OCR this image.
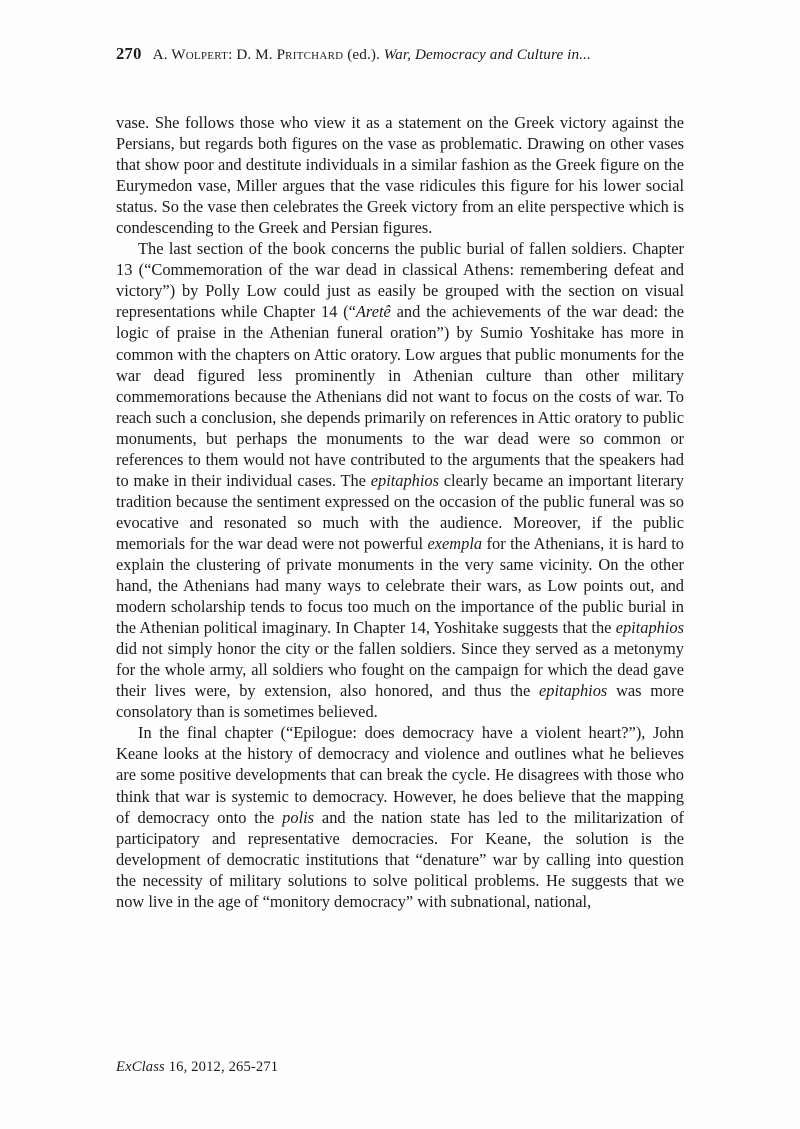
270 A. Wolpert: D. M. Pritchard (ed.). War, Democracy and Culture in...

vase. She follows those who view it as a statement on the Greek victory against the Persians, but regards both figures on the vase as problematic. Drawing on other vases that show poor and destitute individuals in a similar fashion as the Greek figure on the Eurymedon vase, Miller argues that the vase ridicules this figure for his lower social status. So the vase then celebrates the Greek victory from an elite perspective which is condescending to the Greek and Persian figures.

The last section of the book concerns the public burial of fallen soldiers. Chapter 13 (“Commemoration of the war dead in classical Athens: remembering defeat and victory”) by Polly Low could just as easily be grouped with the section on visual representations while Chapter 14 (“Aretê and the achievements of the war dead: the logic of praise in the Athenian funeral oration”) by Sumio Yoshitake has more in common with the chapters on Attic oratory. Low argues that public monuments for the war dead figured less prominently in Athenian culture than other military commemorations because the Athenians did not want to focus on the costs of war. To reach such a conclusion, she depends primarily on references in Attic oratory to public monuments, but perhaps the monuments to the war dead were so common or references to them would not have contributed to the arguments that the speakers had to make in their individual cases. The epitaphios clearly became an important literary tradition because the sentiment expressed on the occasion of the public funeral was so evocative and resonated so much with the audience. Moreover, if the public memorials for the war dead were not powerful exempla for the Athenians, it is hard to explain the clustering of private monuments in the very same vicinity. On the other hand, the Athenians had many ways to celebrate their wars, as Low points out, and modern scholarship tends to focus too much on the importance of the public burial in the Athenian political imaginary. In Chapter 14, Yoshitake suggests that the epitaphios did not simply honor the city or the fallen soldiers. Since they served as a metonymy for the whole army, all soldiers who fought on the campaign for which the dead gave their lives were, by extension, also honored, and thus the epitaphios was more consolatory than is sometimes believed.

In the final chapter (“Epilogue: does democracy have a violent heart?”), John Keane looks at the history of democracy and violence and outlines what he believes are some positive developments that can break the cycle. He disagrees with those who think that war is systemic to democracy. However, he does believe that the mapping of democracy onto the polis and the nation state has led to the militarization of participatory and representative democracies. For Keane, the solution is the development of democratic institutions that “denature” war by calling into question the necessity of military solutions to solve political problems. He suggests that we now live in the age of “monitory democracy” with subnational, national,

ExClass 16, 2012, 265-271
